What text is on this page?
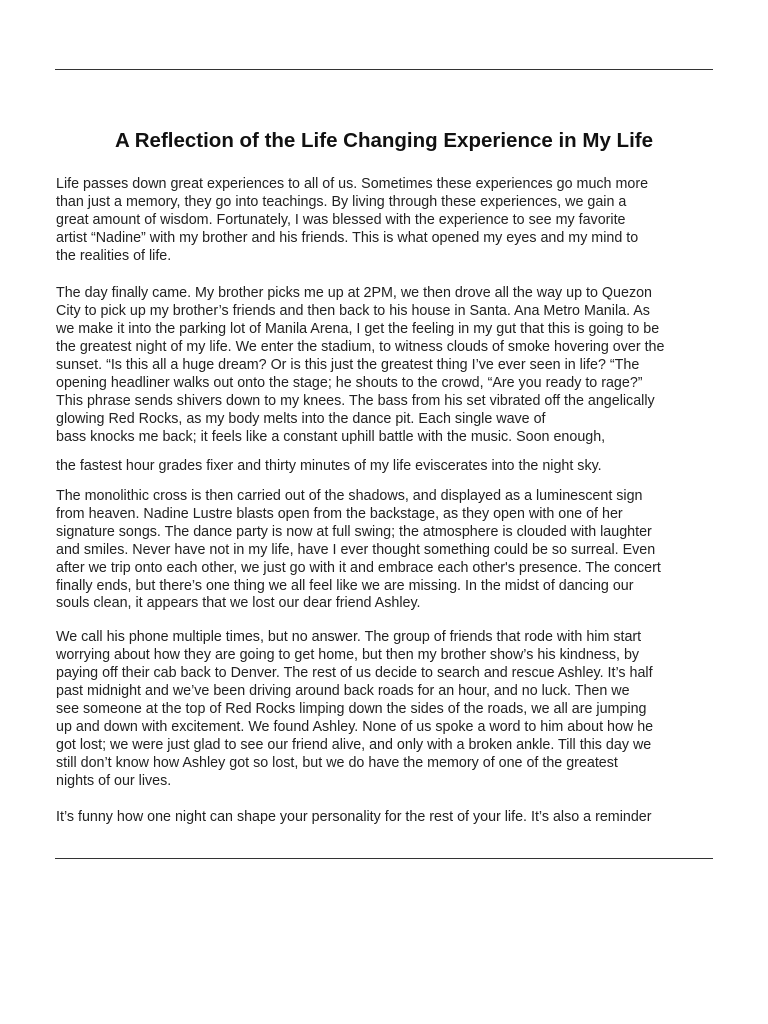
A Reflection of the Life Changing Experience in My Life

Life passes down great experiences to all of us. Sometimes these experiences go much more

than just a memory, they go into teachings. By living through these experiences, we gain a

great amount of wisdom. Fortunately, I was blessed with the experience to see my favorite

artist “Nadine” with my brother and his friends. This is what opened my eyes and my mind to

the realities of life.

The day finally came. My brother picks me up at 2PM, we then drove all the way up to Quezon

City to pick up my brother’s friends and then back to his house in Santa. Ana Metro Manila. As

we make it into the parking lot of Manila Arena, I get the feeling in my gut that this is going to be

the greatest night of my life. We enter the stadium, to witness clouds of smoke hovering over the

sunset. “Is this all a huge dream? Or is this just the greatest thing I’ve ever seen in life? “The

opening headliner walks out onto the stage; he shouts to the crowd, “Are you ready to rage?”

This phrase sends shivers down to my knees. The bass from his set vibrated off the angelically

glowing Red Rocks, as my body melts into the dance pit. Each single wave of

bass knocks me back; it feels like a constant uphill battle with the music. Soon enough,

the fastest hour grades fixer and thirty minutes of my life eviscerates into the night sky.

The monolithic cross is then carried out of the shadows, and displayed as a luminescent sign

from heaven. Nadine Lustre blasts open from the backstage, as they open with one of her

signature songs. The dance party is now at full swing; the atmosphere is clouded with laughter

and smiles. Never have not in my life, have I ever thought something could be so surreal. Even

after we trip onto each other, we just go with it and embrace each other's presence. The concert

finally ends, but there’s one thing we all feel like we are missing. In the midst of dancing our

souls clean, it appears that we lost our dear friend Ashley.

We call his phone multiple times, but no answer. The group of friends that rode with him start

worrying about how they are going to get home, but then my brother show’s his kindness, by

paying off their cab back to Denver. The rest of us decide to search and rescue Ashley. It’s half

past midnight and we’ve been driving around back roads for an hour, and no luck. Then we

see someone at the top of Red Rocks limping down the sides of the roads, we all are jumping

up and down with excitement. We found Ashley. None of us spoke a word to him about how he

got lost; we were just glad to see our friend alive, and only with a broken ankle. Till this day we

still don’t know how Ashley got so lost, but we do have the memory of one of the greatest

nights of our lives.

It’s funny how one night can shape your personality for the rest of your life. It’s also a reminder
